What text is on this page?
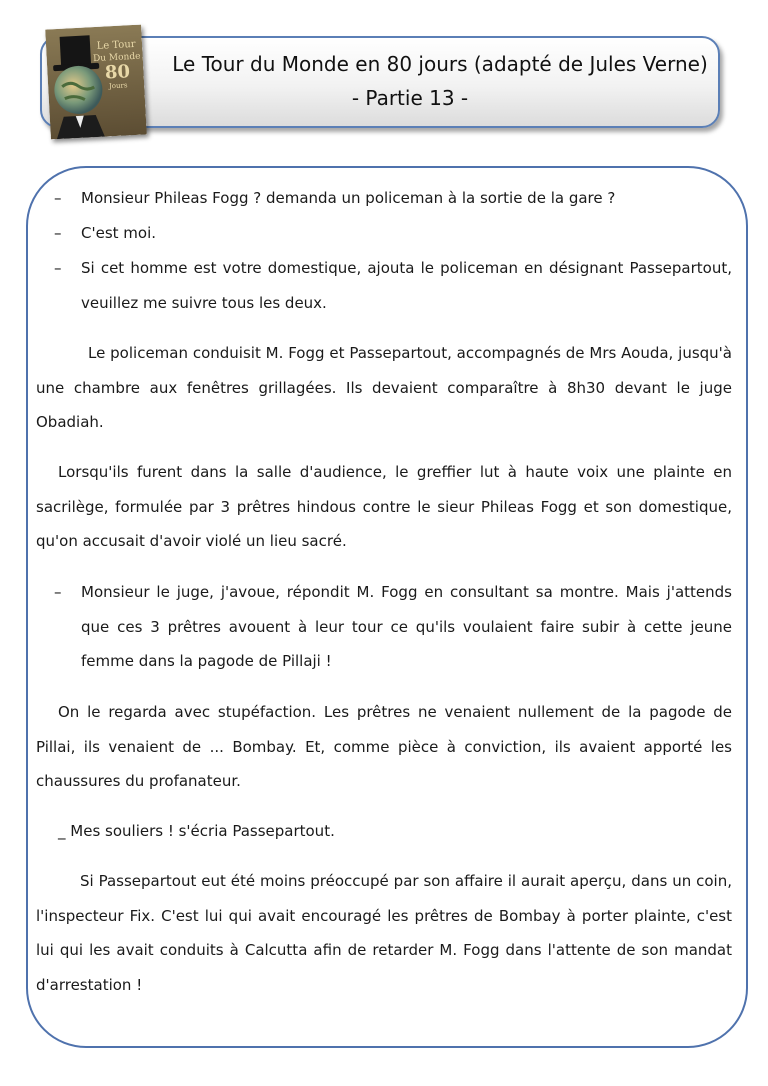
Le Tour
Du Monde
80
Jours
Le Tour du Monde en 80 jours (adapté de Jules Verne)
- Partie 13 -
– Monsieur Phileas Fogg ? demanda un policeman à la sortie de la gare ?
– C'est moi.
– Si cet homme est votre domestique, ajouta le policeman en désignant Passepartout, veuillez me suivre tous les deux.
Le policeman conduisit M. Fogg et Passepartout, accompagnés de Mrs Aouda, jusqu'à une chambre aux fenêtres grillagées. Ils devaient comparaître à 8h30 devant le juge Obadiah.
Lorsqu'ils furent dans la salle d'audience, le greffier lut à haute voix une plainte en sacrilège, formulée par 3 prêtres hindous contre le sieur Phileas Fogg et son domestique, qu'on accusait d'avoir violé un lieu sacré.
– Monsieur le juge, j'avoue, répondit M. Fogg en consultant sa montre. Mais j'attends que ces 3 prêtres avouent à leur tour ce qu'ils voulaient faire subir à cette jeune femme dans la pagode de Pillaji !
On le regarda avec stupéfaction. Les prêtres ne venaient nullement de la pagode de Pillai, ils venaient de ... Bombay. Et, comme pièce à conviction, ils avaient apporté les chaussures du profanateur.
_ Mes souliers ! s'écria Passepartout.
Si Passepartout eut été moins préoccupé par son affaire il aurait aperçu, dans un coin, l'inspecteur Fix. C'est lui qui avait encouragé les prêtres de Bombay à porter plainte, c'est lui qui les avait conduits à Calcutta afin de retarder M. Fogg dans l'attente de son mandat d'arrestation !
